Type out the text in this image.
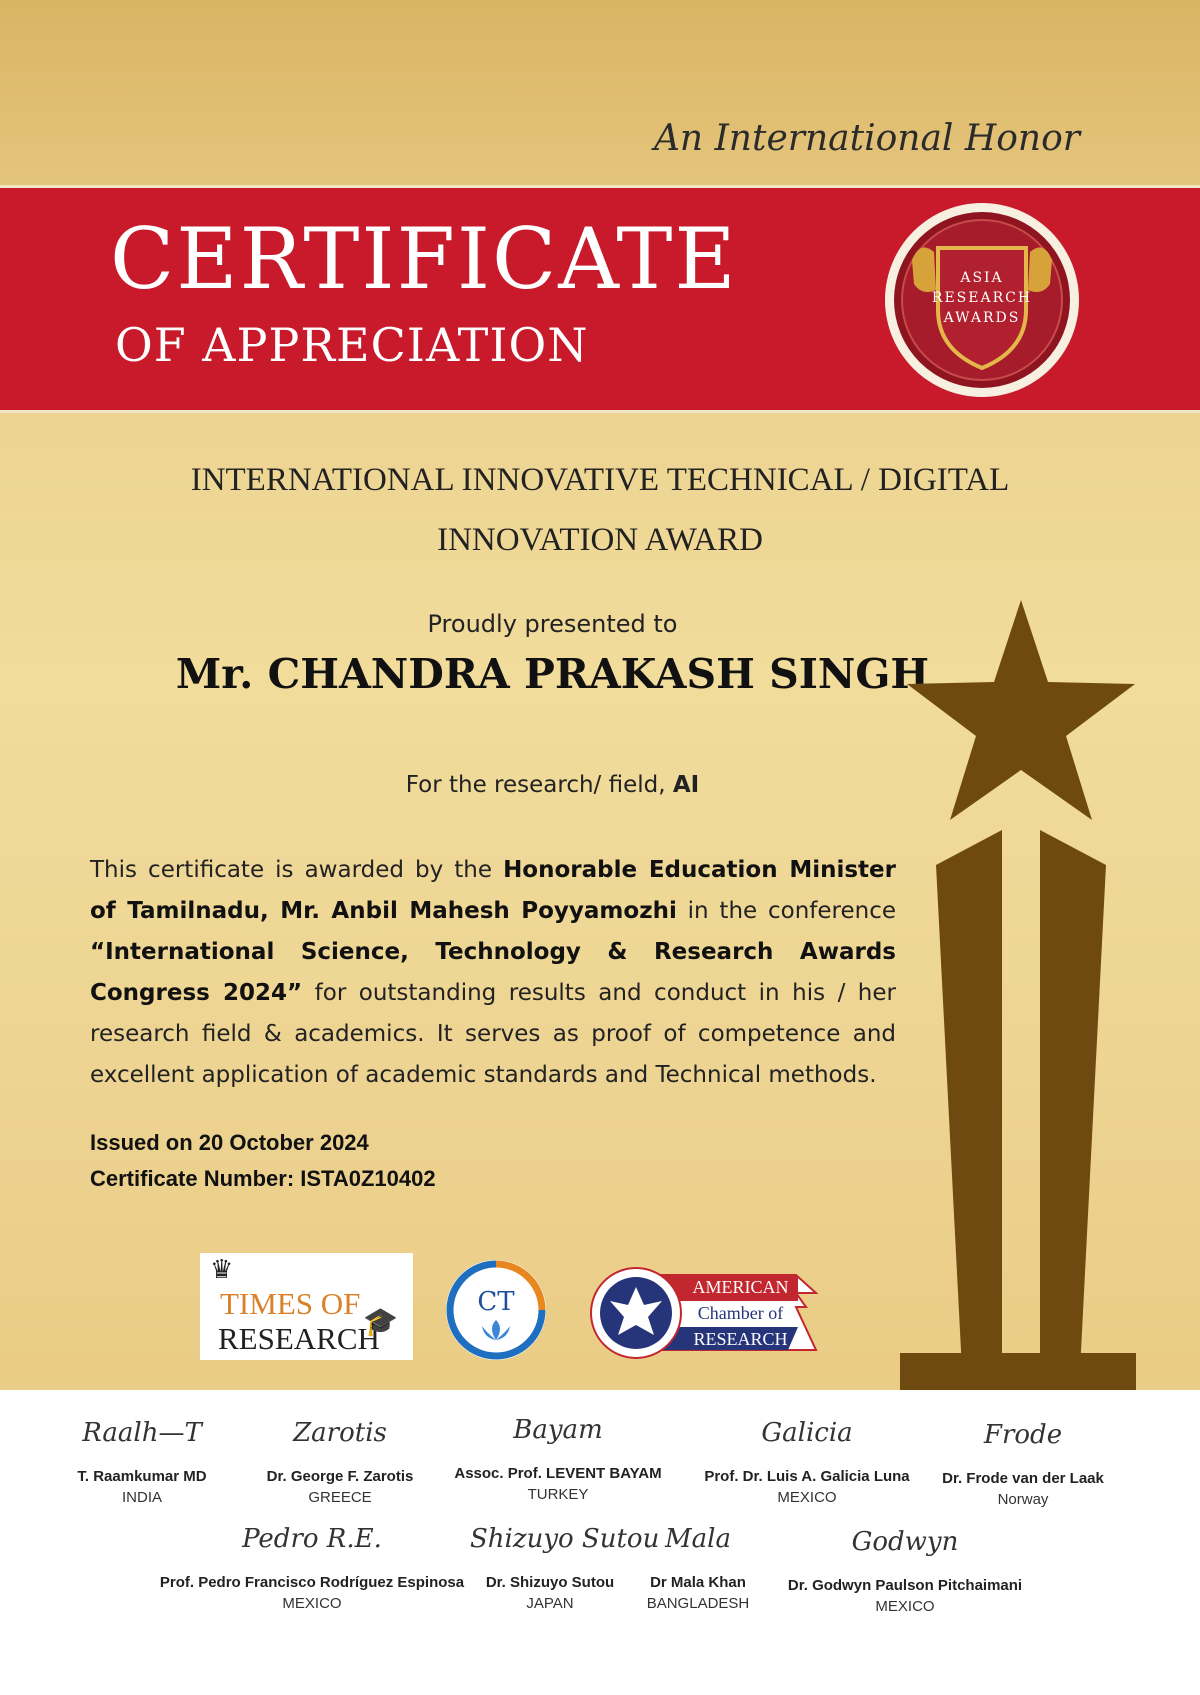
An International Honor
CERTIFICATE
OF APPRECIATION
ASIA
RESEARCH
AWARDS
INTERNATIONAL INNOVATIVE TECHNICAL / DIGITAL
INNOVATION AWARD
Proudly presented to
Mr. CHANDRA PRAKASH SINGH
For the research/ field, AI
This certificate is awarded by the Honorable Education Minister of Tamilnadu, Mr. Anbil Mahesh Poyyamozhi in the conference “International Science, Technology & Research Awards Congress 2024” for outstanding results and conduct in his / her research field & academics. It serves as proof of competence and excellent application of academic standards and Technical methods.
Issued on 20 October 2024
Certificate Number: ISTA0Z10402
♛
TIMES OF
RESEARCH
🎓
CT	AMERICAN
Chamber of
RESEARCH
Raalh—T
T. Raamkumar MD
INDIA
Zarotis
Dr. George F. Zarotis
GREECE
Bayam
Assoc. Prof. LEVENT BAYAM
TURKEY
Galicia
Prof. Dr. Luis A. Galicia Luna
MEXICO
Frode
Dr. Frode van der Laak
Norway
Pedro R.E.
Prof. Pedro Francisco Rodríguez Espinosa
MEXICO
Shizuyo Sutou
Dr. Shizuyo Sutou
JAPAN
Mala
Dr Mala Khan
BANGLADESH
Godwyn
Dr. Godwyn Paulson Pitchaimani
MEXICO
